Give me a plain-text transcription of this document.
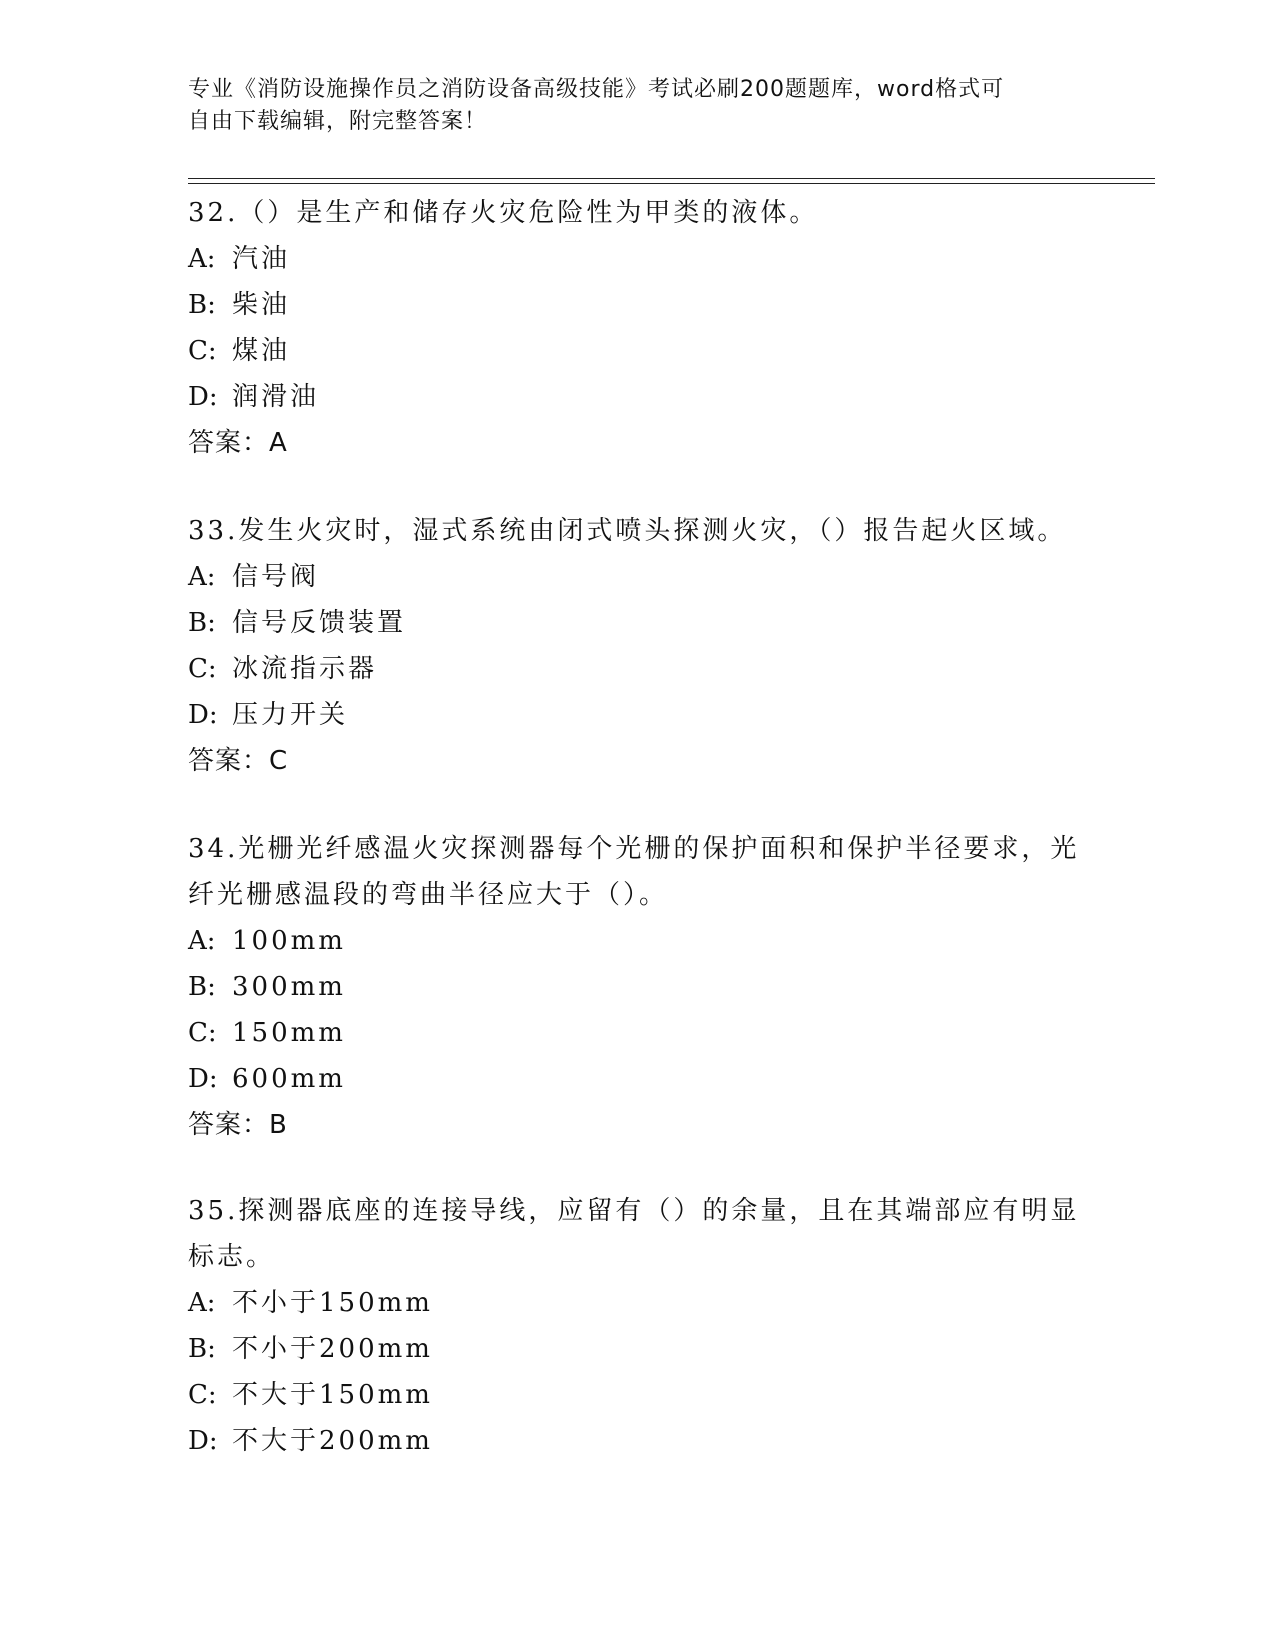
专业《消防设施操作员之消防设备高级技能》考试必刷200题题库，word格式可
自由下载编辑，附完整答案！
32.（）是生产和储存火灾危险性为甲类的液体。
A: 汽油
B: 柴油
C: 煤油
D: 润滑油
答案：A
33.发生火灾时，湿式系统由闭式喷头探测火灾，（）报告起火区域。
A: 信号阀
B: 信号反馈装置
C: 冰流指示器
D: 压力开关
答案：C
34.光栅光纤感温火灾探测器每个光栅的保护面积和保护半径要求，光
纤光栅感温段的弯曲半径应大于（）。
A: 100mm
B: 300mm
C: 150mm
D: 600mm
答案：B
35.探测器底座的连接导线，应留有（）的余量，且在其端部应有明显
标志。
A: 不小于150mm
B: 不小于200mm
C: 不大于150mm
D: 不大于200mm
